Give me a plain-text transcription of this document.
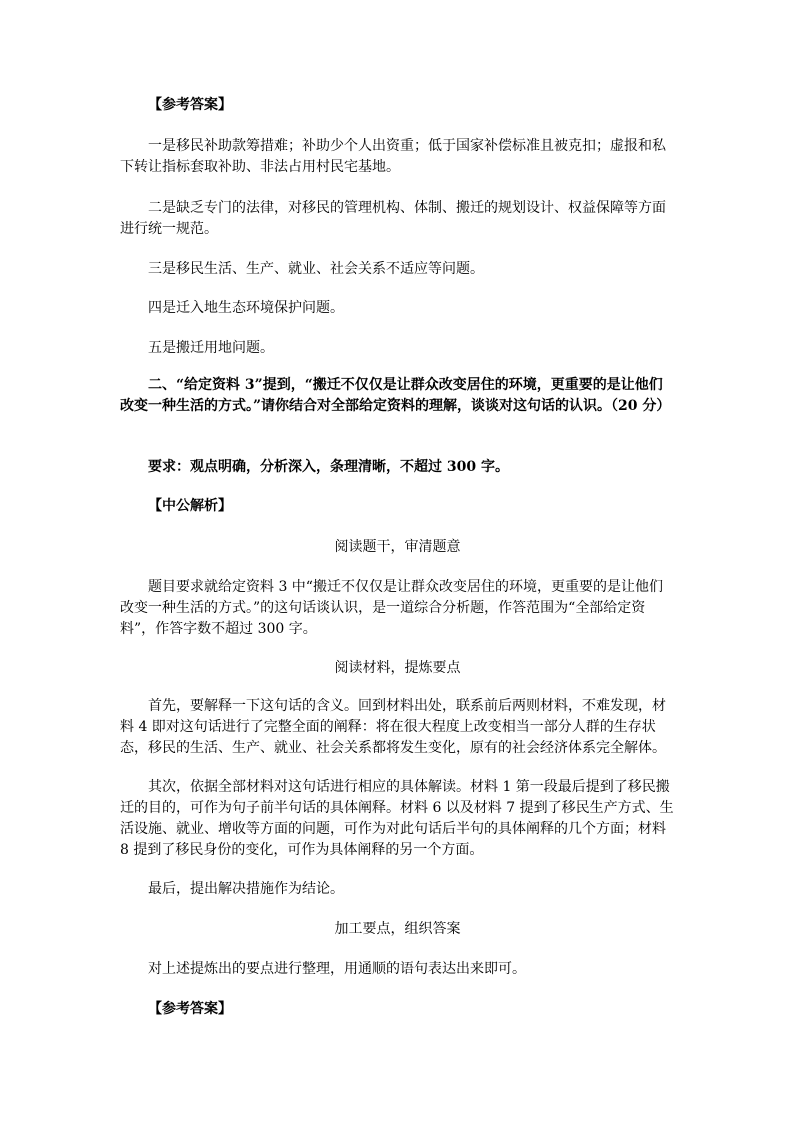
【参考答案】

一是移民补助款筹措难；补助少个人出资重；低于国家补偿标准且被克扣；虚报和私下转让指标套取补助、非法占用村民宅基地。

二是缺乏专门的法律，对移民的管理机构、体制、搬迁的规划设计、权益保障等方面进行统一规范。

三是移民生活、生产、就业、社会关系不适应等问题。

四是迁入地生态环境保护问题。

五是搬迁用地问题。

二、“给定资料 3”提到，“搬迁不仅仅是让群众改变居住的环境，更重要的是让他们改变一种生活的方式。”请你结合对全部给定资料的理解，谈谈对这句话的认识。（20 分）

要求：观点明确，分析深入，条理清晰，不超过 300 字。

【中公解析】

阅读题干，审清题意

题目要求就给定资料 3 中“搬迁不仅仅是让群众改变居住的环境，更重要的是让他们改变一种生活的方式。”的这句话谈认识，是一道综合分析题，作答范围为“全部给定资料”，作答字数不超过 300 字。

阅读材料，提炼要点

首先，要解释一下这句话的含义。回到材料出处，联系前后两则材料，不难发现，材料 4 即对这句话进行了完整全面的阐释：将在很大程度上改变相当一部分人群的生存状态，移民的生活、生产、就业、社会关系都将发生变化，原有的社会经济体系完全解体。

其次，依据全部材料对这句话进行相应的具体解读。材料 1 第一段最后提到了移民搬迁的目的，可作为句子前半句话的具体阐释。材料 6 以及材料 7 提到了移民生产方式、生活设施、就业、增收等方面的问题，可作为对此句话后半句的具体阐释的几个方面；材料 8 提到了移民身份的变化，可作为具体阐释的另一个方面。

最后，提出解决措施作为结论。

加工要点，组织答案

对上述提炼出的要点进行整理，用通顺的语句表达出来即可。

【参考答案】
